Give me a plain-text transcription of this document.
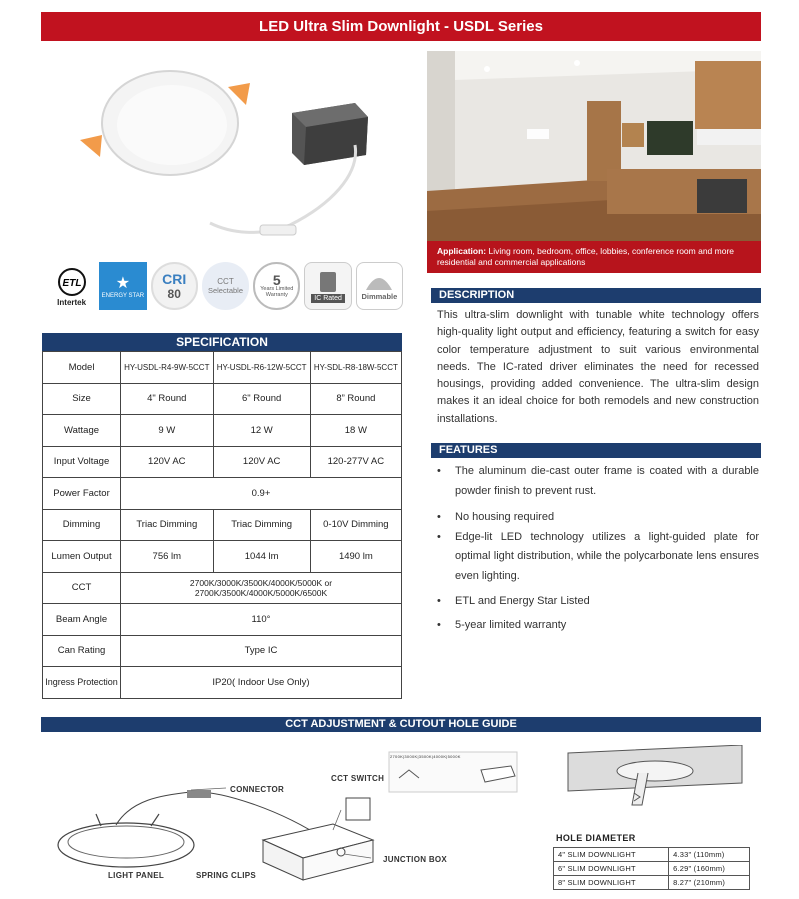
LED Ultra Slim Downlight - USDL Series
ETL
Intertek
★
ENERGY STAR
CRI
80
CCT
Selectable
5
Years Limited Warranty	IC Rated	Dimmable
SPECIFICATION
Model	HY-USDL-R4-9W-5CCT	HY-USDL-R6-12W-5CCT	HY-SDL-R8-18W-5CCT
Size	4" Round	6" Round	8” Round
Wattage	9 W	12 W	18 W
Input Voltage	120V AC	120V AC	120-277V AC
Power Factor	0.9+		
Dimming	Triac Dimming	Triac Dimming	0-10V Dimming
Lumen Output	756 lm	1044 lm	1490 lm
CCT	2700K/3000K/3500K/4000K/5000K or
2700K/3500K/4000K/5000K/6500K		

Beam Angle	110°		
Can Rating	Type IC		
Ingress Protection	IP20( Indoor Use Only)		
Application: Living room, bedroom, office, lobbies, conference room and more residential and commercial applications
DESCRIPTION
This ultra-slim downlight with tunable white technology offers high-quality light output and efficiency, featuring a switch for easy color temperature adjustment to suit various environmental needs. The IC-rated driver eliminates the need for recessed housings, providing added convenience. The ultra-slim design makes it an ideal choice for both remodels and new construction installations.
FEATURES
• The aluminum die-cast outer frame is coated with a durable powder finish to prevent rust.
• No housing required
• Edge-lit LED technology utilizes a light-guided plate for optimal light distribution, while the polycarbonate lens ensures even lighting.
• ETL and Energy Star Listed
• 5-year limited warranty
CCT ADJUSTMENT & CUTOUT HOLE GUIDE
CONNECTOR
CCT SWITCH
JUNCTION BOX
LIGHT PANEL	SPRING CLIPS
2700K|3000K|3500K|4000K|5000K
HOLE DIAMETER
4" SLIM DOWNLIGHT	4.33" (110mm)
6" SLIM DOWNLIGHT	6.29" (160mm)
8" SLIM DOWNLIGHT	8.27" (210mm)
